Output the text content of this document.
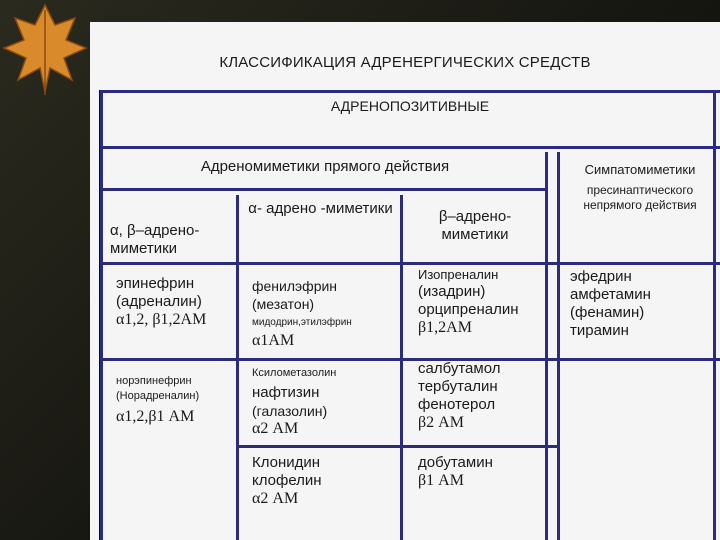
КЛАССИФИКАЦИЯ АДРЕНЕРГИЧЕСКИХ СРЕДСТВ
АДРЕНОПОЗИТИВНЫЕ
Адреномиметики прямого действия	Симпатомиметики
пресинаптического непрямого действия
α, β–адрено-миметики
α- адрено -миметики	β–адрено-миметики
эпинефрин
(адреналин)
α1,2, β1,2АМ
фенилэфрин
(мезатон)
мидодрин,этилэфрин
α1АМ
Изопреналин
(изадрин)
орципреналин
β1,2АМ
эфедрин
амфетамин
(фенамин)
тирамин
норэпинефрин
(Норадреналин)
α1,2,β1 АМ
Ксилометазолин
нафтизин
(галазолин)
α2 АМ
салбутамол
тербуталин
фенотерол
β2 АМ
Клонидин
клофелин
α2 АМ
добутамин
β1 АМ
